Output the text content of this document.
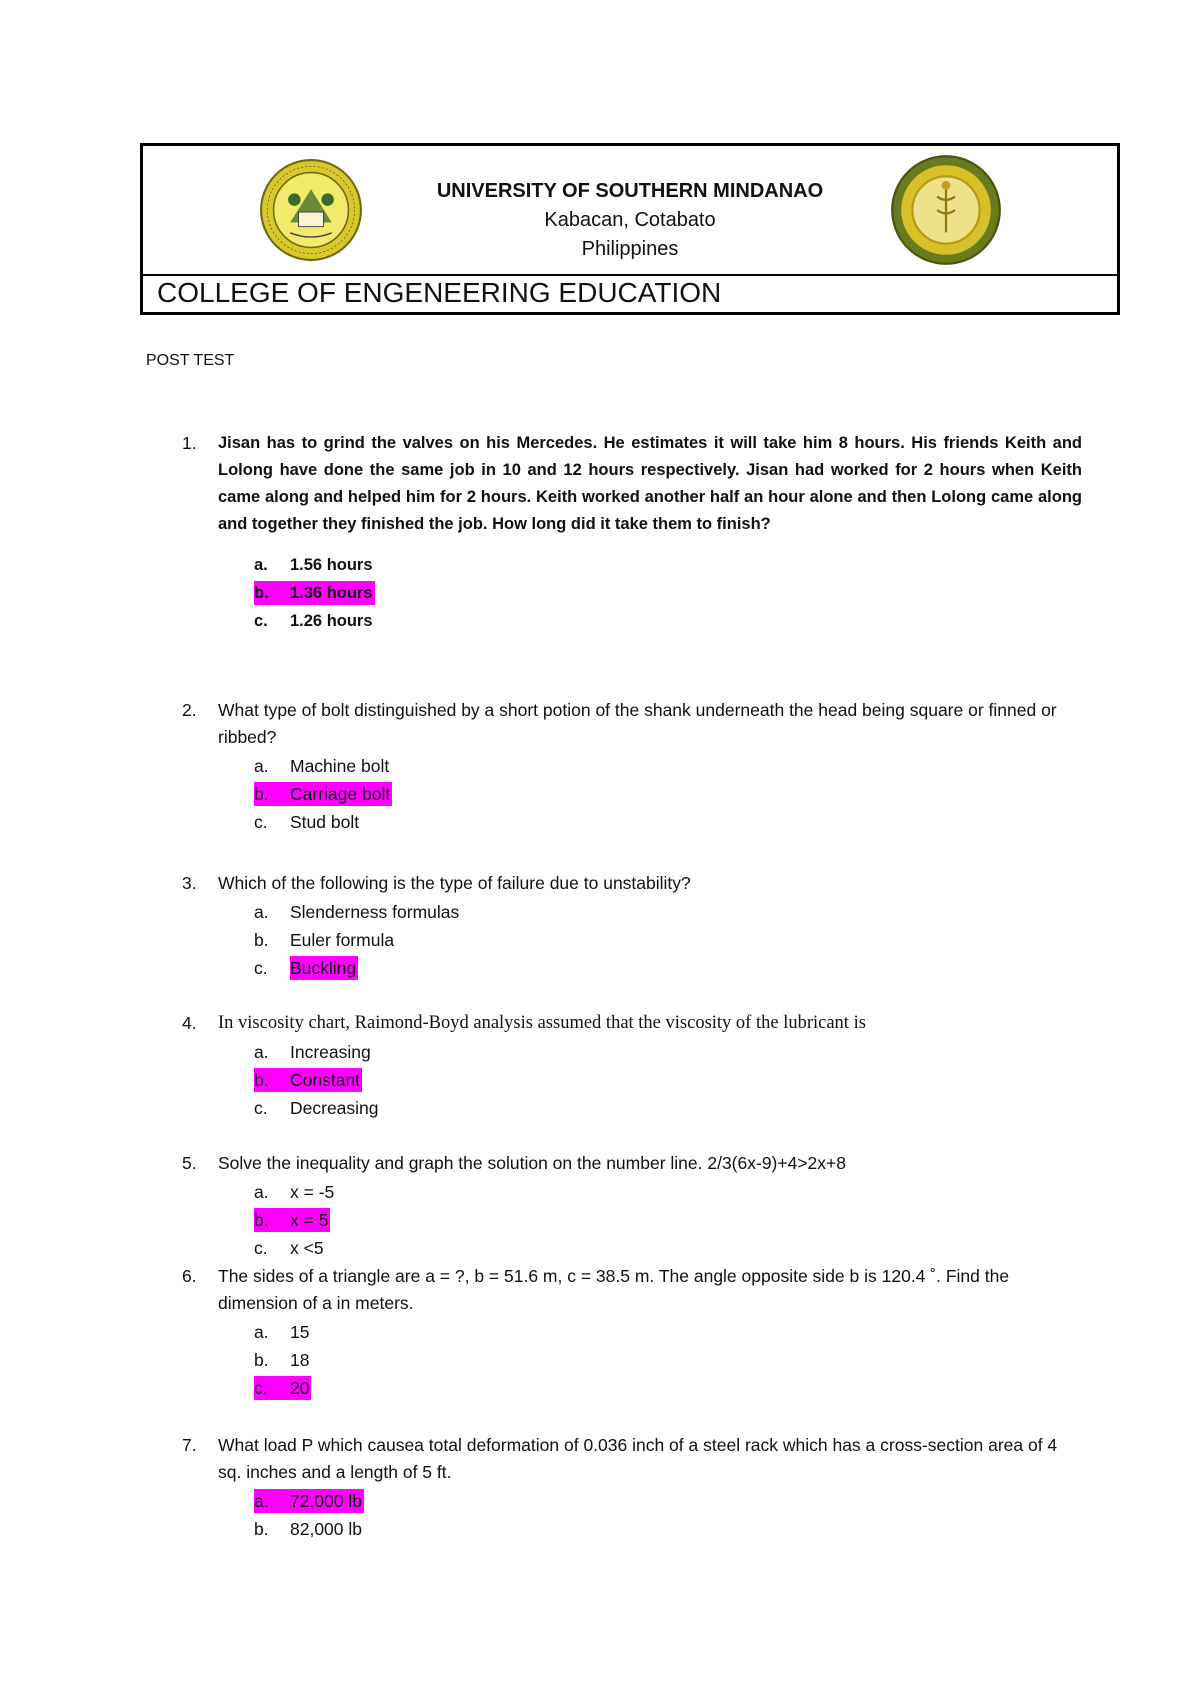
UNIVERSITY OF SOUTHERN MINDANAO
Kabacan, Cotabato
Philippines
COLLEGE OF ENGENEERING EDUCATION
POST TEST
1.	Jisan has to grind the valves on his Mercedes. He estimates it will take him 8 hours. His friends Keith and Lolong have done the same job in 10 and 12 hours respectively. Jisan had worked for 2 hours when Keith came along and helped him for 2 hours. Keith worked another half an hour alone and then Lolong came along and together they finished the job. How long did it take them to finish?
a. 1.56 hours
b. 1.36 hours
c. 1.26 hours
2.	What type of bolt distinguished by a short potion of the shank underneath the head being square or finned or ribbed?
a. Machine bolt
b. Carriage bolt
c. Stud bolt
3.	Which of the following is the type of failure due to unstability?
a. Slenderness formulas
b. Euler formula
c. Buckling
4.	In viscosity chart, Raimond-Boyd analysis assumed that the viscosity of the lubricant is
a. Increasing
b. Constant
c. Decreasing
5.	Solve the inequality and graph the solution on the number line. 2/3(6x-9)+4>2x+8
a. x = -5
b. x = 5
c. x <5
6.	The sides of a triangle are a = ?, b = 51.6 m, c = 38.5 m. The angle opposite side b is 120.4 ˚. Find the dimension of a in meters.
a. 15
b. 18
c. 20
7.	What load P which causea total deformation of 0.036 inch of a steel rack which has a cross-section area of 4 sq. inches and a length of 5 ft.
a. 72,000 lb
b. 82,000 lb
